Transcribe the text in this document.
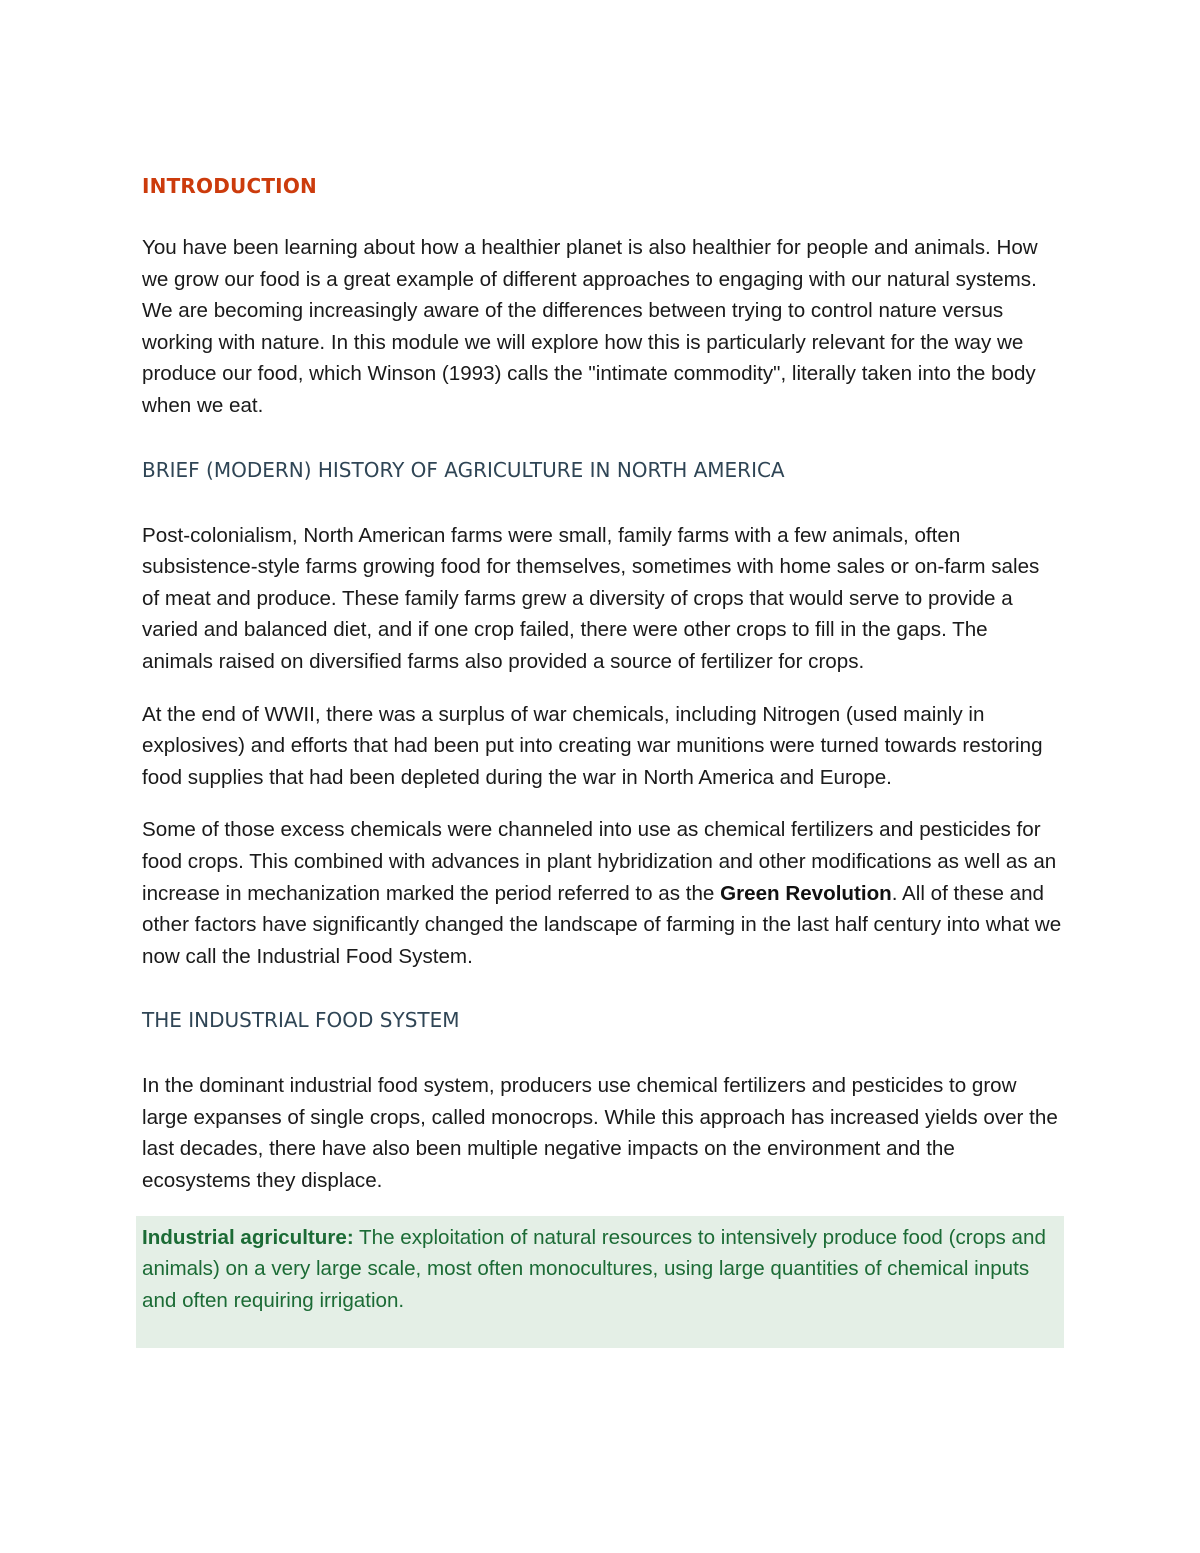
INTRODUCTION

You have been learning about how a healthier planet is also healthier for people and animals. How we grow our food is a great example of different approaches to engaging with our natural systems. We are becoming increasingly aware of the differences between trying to control nature versus working with nature. In this module we will explore how this is particularly relevant for the way we produce our food, which Winson (1993) calls the "intimate commodity", literally taken into the body when we eat.

BRIEF (MODERN) HISTORY OF AGRICULTURE IN NORTH AMERICA

Post-colonialism, North American farms were small, family farms with a few animals, often subsistence-style farms growing food for themselves, sometimes with home sales or on-farm sales of meat and produce. These family farms grew a diversity of crops that would serve to provide a varied and balanced diet, and if one crop failed, there were other crops to fill in the gaps. The animals raised on diversified farms also provided a source of fertilizer for crops.

At the end of WWII, there was a surplus of war chemicals, including Nitrogen (used mainly in explosives) and efforts that had been put into creating war munitions were turned towards restoring food supplies that had been depleted during the war in North America and Europe.

Some of those excess chemicals were channeled into use as chemical fertilizers and pesticides for food crops. This combined with advances in plant hybridization and other modifications as well as an increase in mechanization marked the period referred to as the Green Revolution. All of these and other factors have significantly changed the landscape of farming in the last half century into what we now call the Industrial Food System.

THE INDUSTRIAL FOOD SYSTEM

In the dominant industrial food system, producers use chemical fertilizers and pesticides to grow large expanses of single crops, called monocrops. While this approach has increased yields over the last decades, there have also been multiple negative impacts on the environment and the ecosystems they displace.

Industrial agriculture: The exploitation of natural resources to intensively produce food (crops and animals) on a very large scale, most often monocultures, using large quantities of chemical inputs and often requiring irrigation.
